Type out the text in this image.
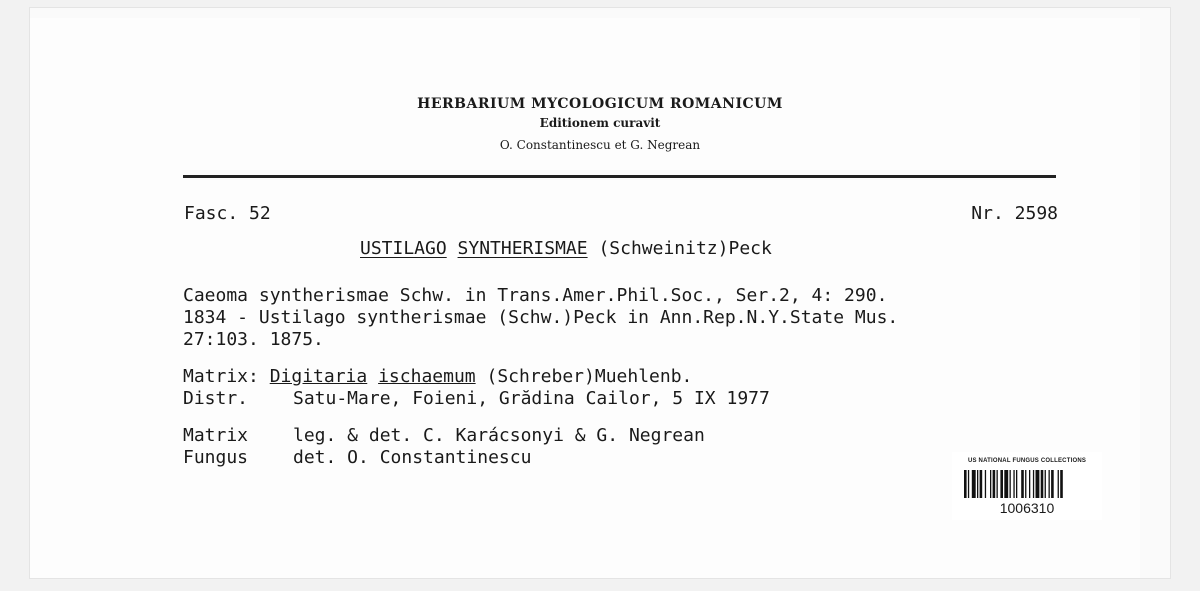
HERBARIUM MYCOLOGICUM ROMANICUM
Editionem curavit
O. Constantinescu et G. Negrean
Fasc. 52	Nr. 2598
USTILAGO SYNTHERISMAE (Schweinitz)Peck
Caeoma syntherismae Schw. in Trans.Amer.Phil.Soc., Ser.2, 4: 290.
1834 - Ustilago syntherismae (Schw.)Peck in Ann.Rep.N.Y.State Mus.
27:103. 1875.
Matrix: Digitaria ischaemum (Schreber)Muehlenb.
Distr. Satu-Mare, Foieni, Grădina Cailor, 5 IX 1977
Matrix leg. & det. C. Karácsonyi & G. Negrean
Fungus det. O. Constantinescu	US NATIONAL FUNGUS COLLECTIONS
1006310
